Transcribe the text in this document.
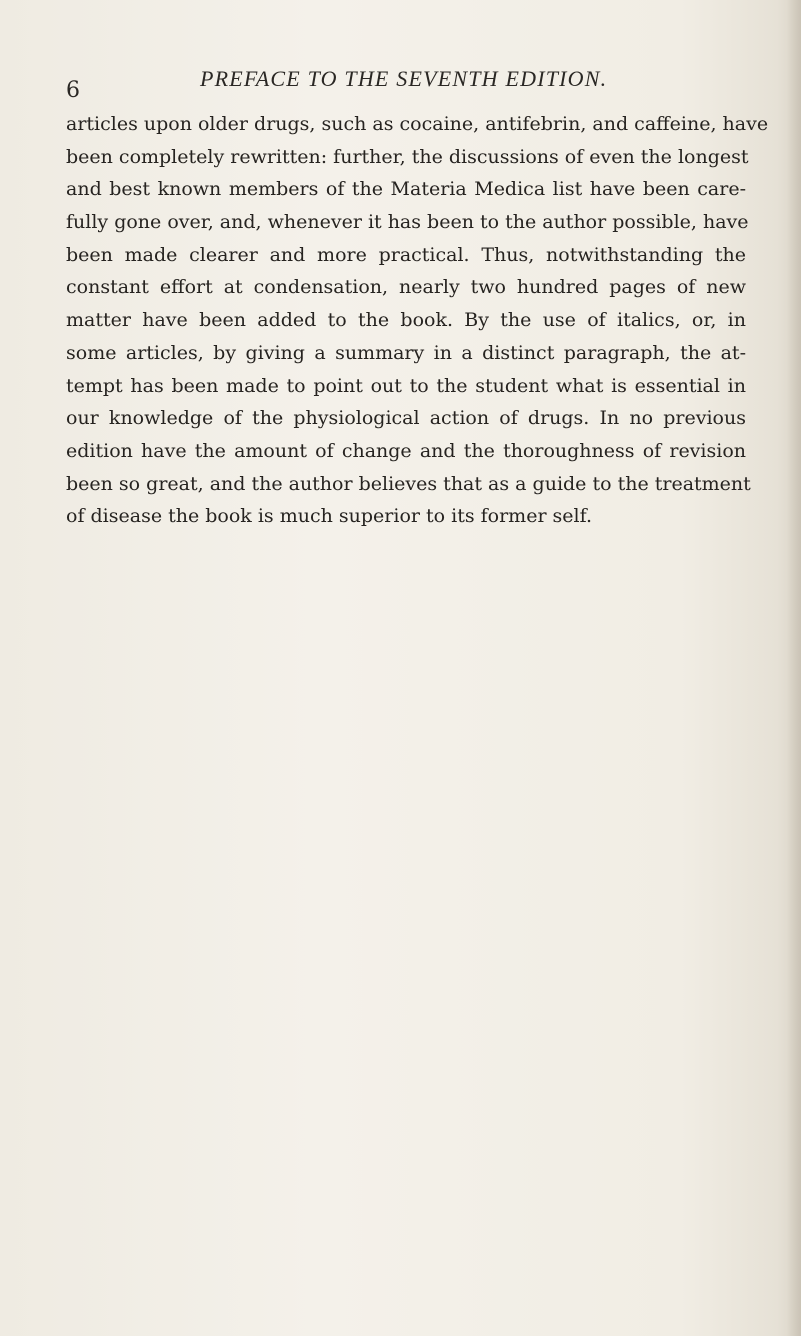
6	PREFACE TO THE SEVENTH EDITION.
articles upon older drugs, such as cocaine, antifebrin, and caffeine, have
been completely rewritten: further, the discussions of even the longest
and best known members of the Materia Medica list have been care-
fully gone over, and, whenever it has been to the author possible, have
been made clearer and more practical. Thus, notwithstanding the
constant effort at condensation, nearly two hundred pages of new
matter have been added to the book. By the use of italics, or, in
some articles, by giving a summary in a distinct paragraph, the at-
tempt has been made to point out to the student what is essential in
our knowledge of the physiological action of drugs. In no previous
edition have the amount of change and the thoroughness of revision
been so great, and the author believes that as a guide to the treatment
of disease the book is much superior to its former self.
